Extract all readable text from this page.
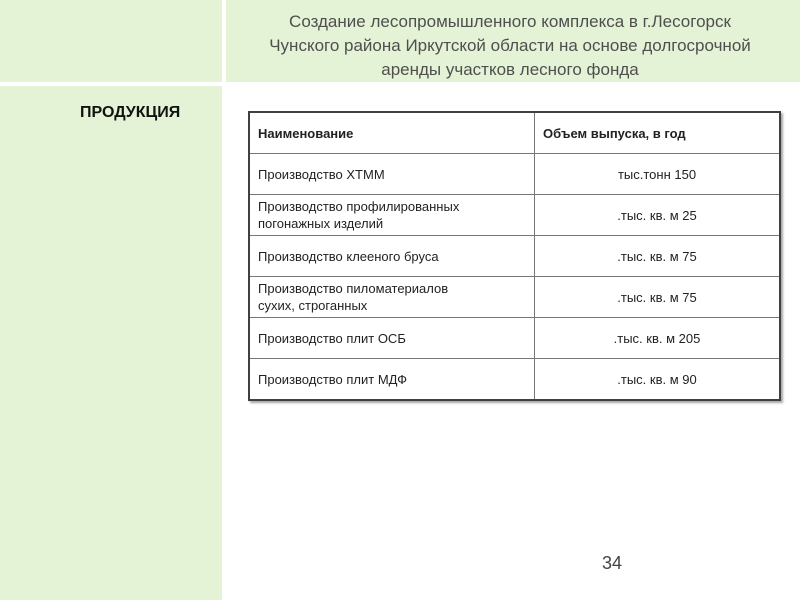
Создание лесопромышленного комплекса в г.Лесогорск
Чунского района Иркутской области на основе долгосрочной
аренды участков лесного фонда
ПРОДУКЦИЯ
Наименование	Объем выпуска, в год
Производство ХТММ	тыс.тонн 150
Производство профилированных
погонажных изделий	.тыс. кв. м 25
Производство клееного бруса	.тыс. кв. м 75
Производство пиломатериалов
сухих, строганных	.тыс. кв. м 75
Производство плит ОСБ	.тыс. кв. м 205
Производство плит МДФ	.тыс. кв. м 90
34
